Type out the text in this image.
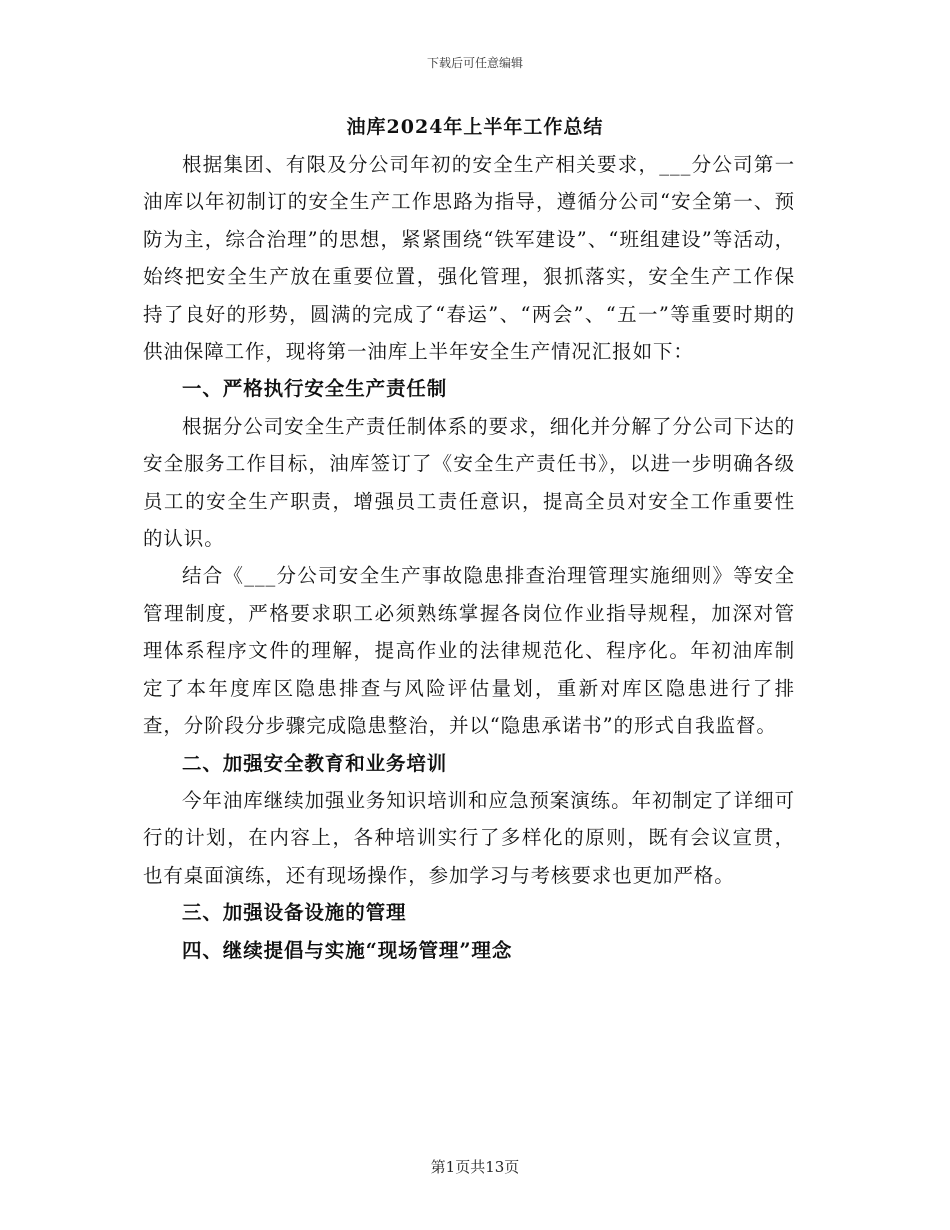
下载后可任意编辑
油库2024年上半年工作总结

根据集团、有限及分公司年初的安全生产相关要求，___分公司第一油库以年初制订的安全生产工作思路为指导，遵循分公司“安全第一、预防为主，综合治理”的思想，紧紧围绕“铁军建设”、“班组建设”等活动，始终把安全生产放在重要位置，强化管理，狠抓落实，安全生产工作保持了良好的形势，圆满的完成了“春运”、“两会”、“五一”等重要时期的供油保障工作，现将第一油库上半年安全生产情况汇报如下：

一、严格执行安全生产责任制

根据分公司安全生产责任制体系的要求，细化并分解了分公司下达的安全服务工作目标，油库签订了《安全生产责任书》，以进一步明确各级员工的安全生产职责，增强员工责任意识，提高全员对安全工作重要性的认识。

结合《___分公司安全生产事故隐患排查治理管理实施细则》等安全管理制度，严格要求职工必须熟练掌握各岗位作业指导规程，加深对管理体系程序文件的理解，提高作业的法律规范化、程序化。年初油库制定了本年度库区隐患排查与风险评估量划，重新对库区隐患进行了排查，分阶段分步骤完成隐患整治，并以“隐患承诺书”的形式自我监督。

二、加强安全教育和业务培训

今年油库继续加强业务知识培训和应急预案演练。年初制定了详细可行的计划，在内容上，各种培训实行了多样化的原则，既有会议宣贯，也有桌面演练，还有现场操作，参加学习与考核要求也更加严格。

三、加强设备设施的管理
四、继续提倡与实施“现场管理”理念
第1页共13页
